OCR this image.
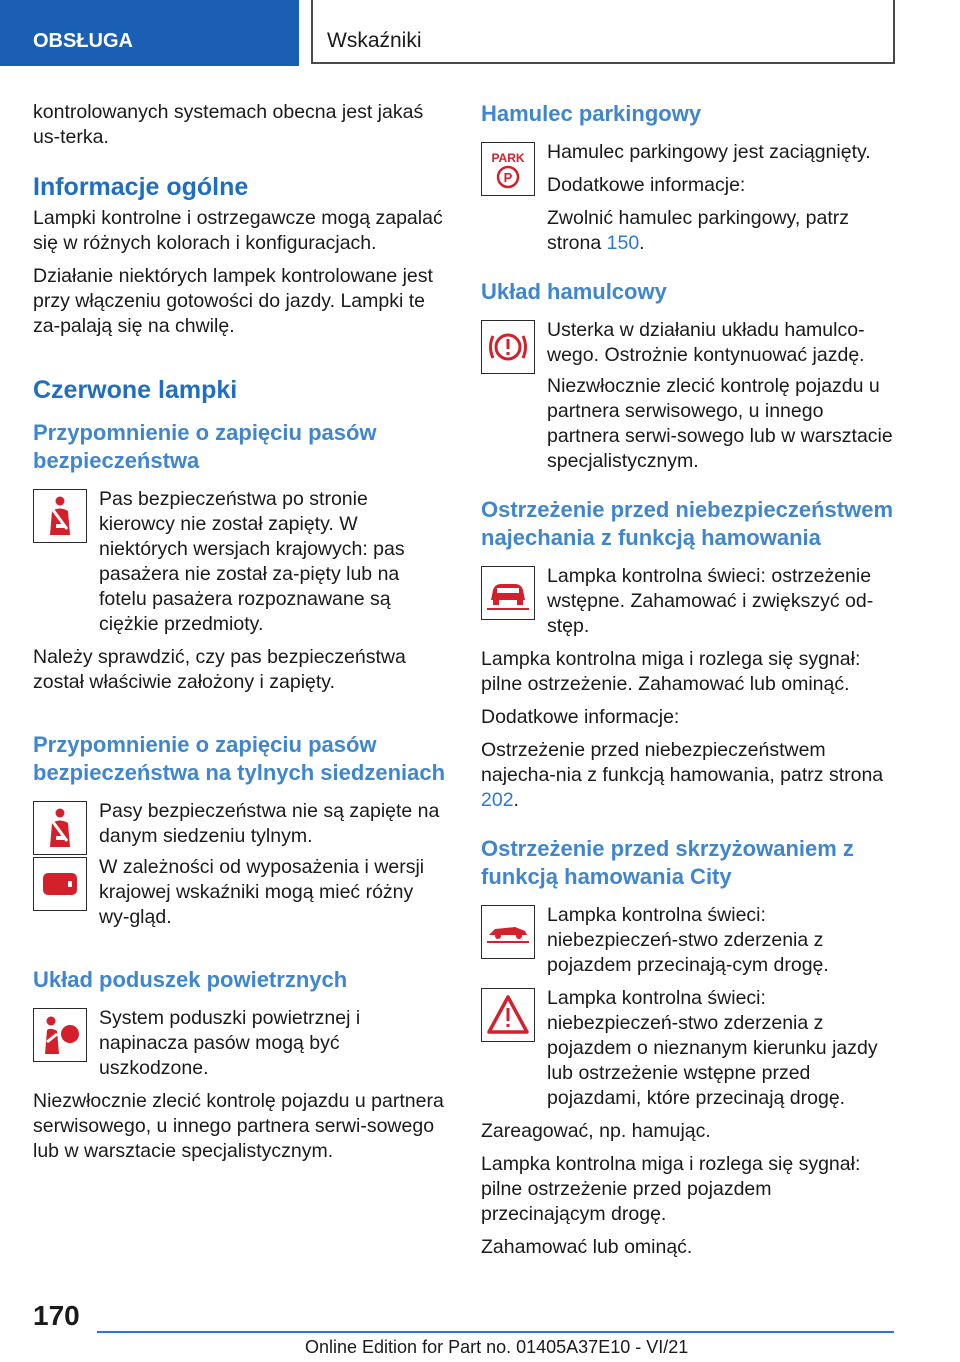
OBSŁUGA	Wskaźniki

kontrolowanych systemach obecna jest jakaś us‐terka.

Informacje ogólne

Lampki kontrolne i ostrzegawcze mogą zapalać się w różnych kolorach i konfiguracjach.

Działanie niektórych lampek kontrolowane jest przy włączeniu gotowości do jazdy. Lampki te za‐palają się na chwilę.

Czerwone lampki
Przypomnienie o zapięciu pasów bezpieczeństwa

Pas bezpieczeństwa po stronie kierowcy nie został zapięty. W niektórych wersjach krajowych: pas pasażera nie został za‐pięty lub na fotelu pasażera rozpoznawane są ciężkie przedmioty.

Należy sprawdzić, czy pas bezpieczeństwa został właściwie założony i zapięty.

Przypomnienie o zapięciu pasów bezpieczeństwa na tylnych siedzeniach

Pasy bezpieczeństwa nie są zapięte na danym siedzeniu tylnym.

W zależności od wyposażenia i wersji krajowej wskaźniki mogą mieć różny wy‐gląd.

Układ poduszek powietrznych

System poduszki powietrznej i napinacza pasów mogą być uszkodzone.

Niezwłocznie zlecić kontrolę pojazdu u partnera serwisowego, u innego partnera serwi‐sowego lub w warsztacie specjalistycznym.

Hamulec parkingowy
PARK
P

Hamulec parkingowy jest zaciągnięty.

Dodatkowe informacje:

Zwolnić hamulec parkingowy, patrz strona 150.

Układ hamulcowy

Usterka w działaniu układu hamulco‐wego. Ostrożnie kontynuować jazdę.

Niezwłocznie zlecić kontrolę pojazdu u partnera serwisowego, u innego partnera serwi‐sowego lub w warsztacie specjalistycznym.

Ostrzeżenie przed niebezpieczeństwem najechania z funkcją hamowania

Lampka kontrolna świeci: ostrzeżenie wstępne. Zahamować i zwiększyć od‐stęp.

Lampka kontrolna miga i rozlega się sygnał: pilne ostrzeżenie. Zahamować lub ominąć.

Dodatkowe informacje:

Ostrzeżenie przed niebezpieczeństwem najecha‐nia z funkcją hamowania, patrz strona 202.

Ostrzeżenie przed skrzyżowaniem z funkcją hamowania City

Lampka kontrolna świeci: niebezpieczeń‐stwo zderzenia z pojazdem przecinają‐cym drogę.

Lampka kontrolna świeci: niebezpieczeń‐stwo zderzenia z pojazdem o nieznanym kierunku jazdy lub ostrzeżenie wstępne przed pojazdami, które przecinają drogę.

Zareagować, np. hamując.

Lampka kontrolna miga i rozlega się sygnał: pilne ostrzeżenie przed pojazdem przecinającym drogę.

Zahamować lub ominąć.

170
Online Edition for Part no. 01405A37E10 - VI/21
